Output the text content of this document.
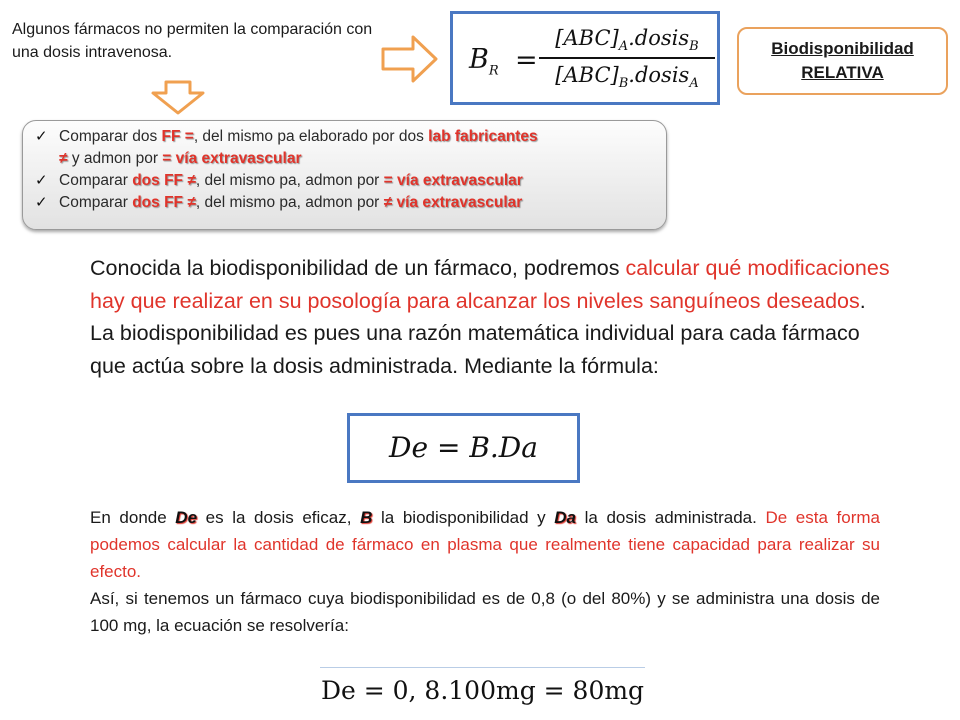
Algunos fármacos no permiten la comparación con una dosis intravenosa.	$B_R$ =
$[ABC]_A.dosis_B$
$[ABC]_B.dosis_A$
Biodisponibilidad
RELATIVA
✓ Comparar dos FF =, del mismo pa elaborado por dos lab fabricantes
≠ y admon por = vía extravascular
✓ Comparar dos FF ≠, del mismo pa, admon por = vía extravascular
✓ Comparar dos FF ≠, del mismo pa, admon por ≠ vía extravascular
Conocida la biodisponibilidad de un fármaco, podremos calcular qué modificaciones hay que realizar en su posología para alcanzar los niveles sanguíneos deseados. La biodisponibilidad es pues una razón matemática individual para cada fármaco que actúa sobre la dosis administrada. Mediante la fórmula:
De = B.Da
En donde De es la dosis eficaz, B la biodisponibilidad y Da la dosis administrada. De esta forma podemos calcular la cantidad de fármaco en plasma que realmente tiene capacidad para realizar su efecto.
Así, si tenemos un fármaco cuya biodisponibilidad es de 0,8 (o del 80%) y se administra una dosis de 100 mg, la ecuación se resolvería:
De = 0, 8.100mg = 80mg
